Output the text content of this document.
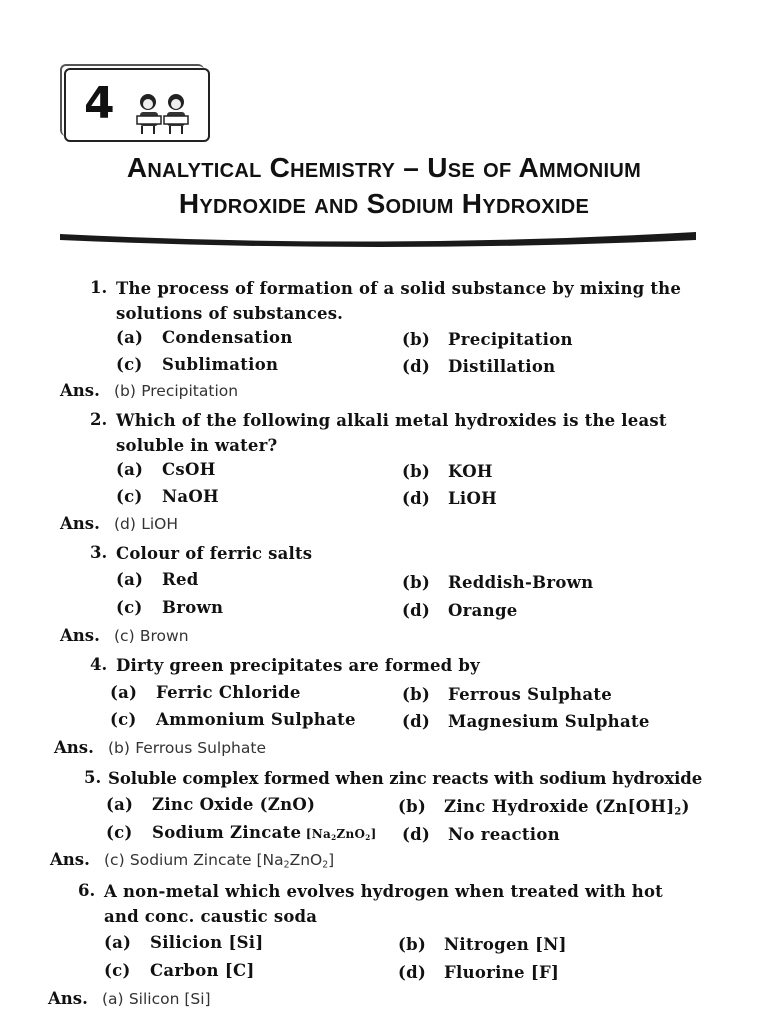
4
Analytical Chemistry – Use of Ammonium
Hydroxide and Sodium Hydroxide
1. The process of formation of a solid substance by mixing the
solutions of substances.
(a) Condensation	(b) Precipitation
(c) Sublimation	(d) Distillation
Ans. (b) Precipitation
2. Which of the following alkali metal hydroxides is the least
soluble in water?
(a) CsOH	(b) KOH
(c) NaOH	(d) LiOH
Ans. (d) LiOH
3. Colour of ferric salts
(a) Red	(b) Reddish-Brown
(c) Brown	(d) Orange
Ans. (c) Brown
4. Dirty green precipitates are formed by
(a) Ferric Chloride	(b) Ferrous Sulphate
(c) Ammonium Sulphate	(d) Magnesium Sulphate
Ans. (b) Ferrous Sulphate
5. Soluble complex formed when zinc reacts with sodium hydroxide
(a) Zinc Oxide (ZnO)	(b) Zinc Hydroxide $(Zn[OH]_2)$
(c) Sodium Zincate $[Na_2ZnO_2]$ (d) No reaction
Ans. (c) Sodium Zincate $[Na_2ZnO_2]$
6. A non-metal which evolves hydrogen when treated with hot
and conc. caustic soda
(a) Silicion [Si]	(b) Nitrogen [N]
(c) Carbon [C]	(d) Fluorine [F]
Ans. (a) Silicon [Si]
